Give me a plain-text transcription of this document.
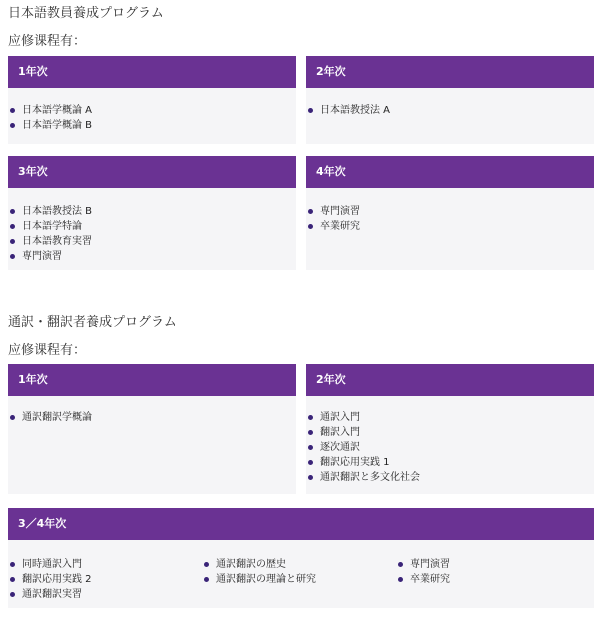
日本語教員養成プログラム
应修课程有：
1年次
日本語学概論 A
日本語学概論 B
2年次
日本語教授法 A
3年次
日本語教授法 B
日本語学特論
日本語教育実習
専門演習
4年次
専門演習
卒業研究
通訳・翻訳者養成プログラム
应修课程有：
1年次
通訳翻訳学概論
2年次
通訳入門
翻訳入門
逐次通訳
翻訳応用実践 1
通訳翻訳と多文化社会
3／4年次
同時通訳入門
翻訳応用実践 2
通訳翻訳実習
通訳翻訳の歴史
通訳翻訳の理論と研究
専門演習
卒業研究
